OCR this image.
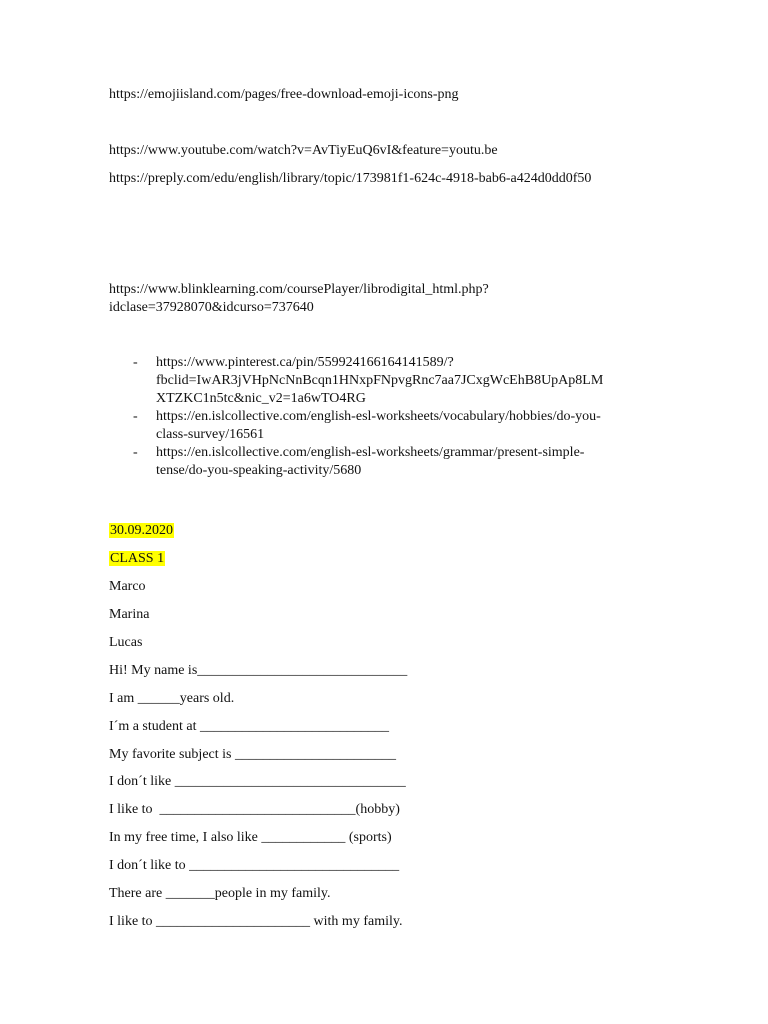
https://emojiisland.com/pages/free-download-emoji-icons-png

https://www.youtube.com/watch?v=AvTiyEuQ6vI&feature=youtu.be

https://preply.com/edu/english/library/topic/173981f1-624c-4918-bab6-a424d0dd0f50

https://www.blinklearning.com/coursePlayer/librodigital_html.php?

idclase=37928070&idcurso=737640

- https://www.pinterest.ca/pin/559924166164141589/?
fbclid=IwAR3jVHpNcNnBcqn1HNxpFNpvgRnc7aa7JCxgWcEhB8UpAp8LM
XTZKC1n5tc&nic_v2=1a6wTO4RG
- https://en.islcollective.com/english-esl-worksheets/vocabulary/hobbies/do-you-
class-survey/16561
- https://en.islcollective.com/english-esl-worksheets/grammar/present-simple-
tense/do-you-speaking-activity/5680

30.09.2020

CLASS 1

Marco

Marina

Lucas

Hi! My name is______________________________

I am ______years old.

I´m a student at ___________________________

My favorite subject is _______________________

I don´t like _________________________________

I like to  ____________________________(hobby)

In my free time, I also like ____________ (sports)

I don´t like to ______________________________

There are _______people in my family.

I like to ______________________ with my family.
